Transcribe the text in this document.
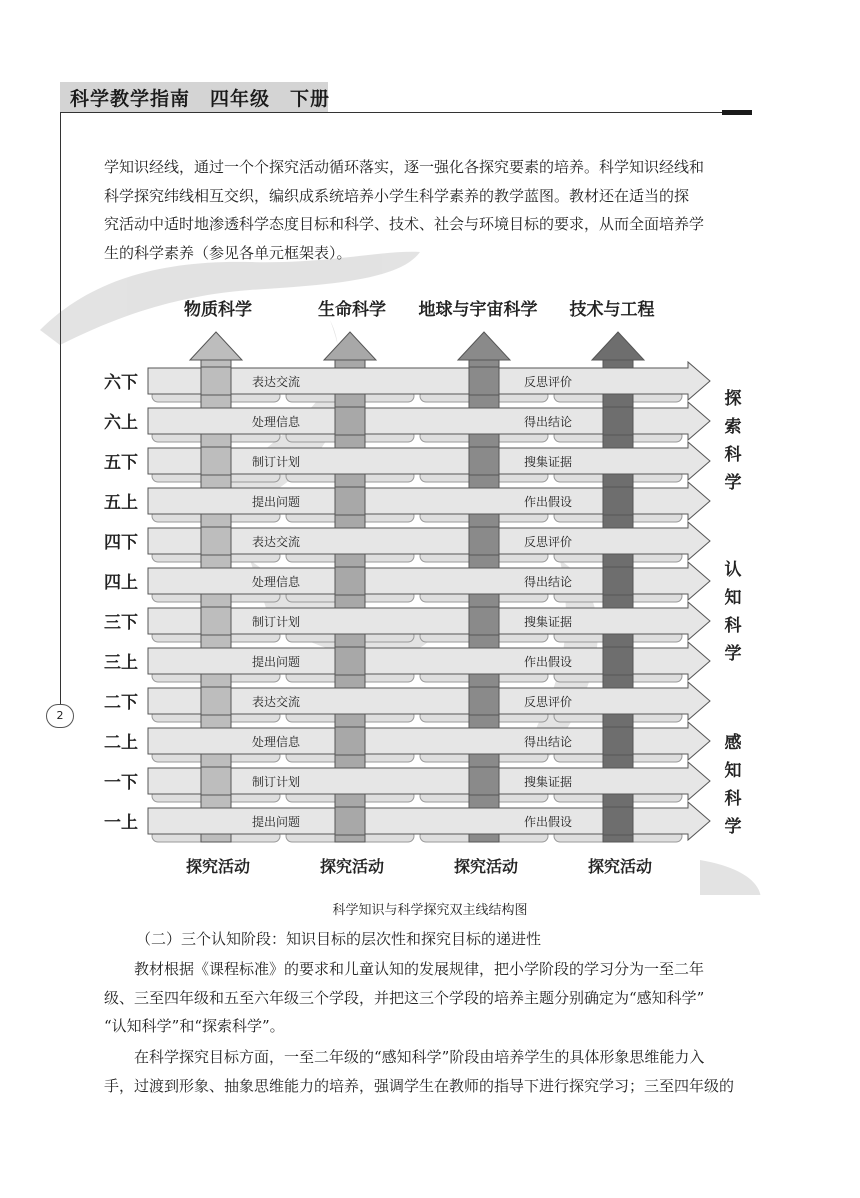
科学教学指南　四年级　下册
2

学知识经线，通过一个个探究活动循环落实，逐一强化各探究要素的培养。科学知识经线和

科学探究纬线相互交织，编织成系统培养小学生科学素养的教学蓝图。教材还在适当的探

究活动中适时地渗透科学态度目标和科学、技术、社会与环境目标的要求，从而全面培养学

生的科学素养（参见各单元框架表）。

六下	表达交流	反思评价
六上	处理信息	得出结论
五下	制订计划	搜集证据
五上	提出问题	作出假设
四下	表达交流	反思评价
四上	处理信息	得出结论
三下	制订计划	搜集证据
三上	提出问题	作出假设
二下	表达交流	反思评价
二上	处理信息	得出结论
一下	制订计划	搜集证据
一上	提出问题	作出假设
物质科学	生命科学 地球与宇宙科学 技术与工程
探究活动	探究活动	探究活动	探究活动
探
索
科
学
认
知
科
学
感
知
科
学
科学知识与科学探究双主线结构图
（二）三个认知阶段：知识目标的层次性和探究目标的递进性

　　教材根据《课程标准》的要求和儿童认知的发展规律，把小学阶段的学习分为一至二年

级、三至四年级和五至六年级三个学段，并把这三个学段的培养主题分别确定为“感知科学”

“认知科学”和“探索科学”。

　　在科学探究目标方面，一至二年级的“感知科学”阶段由培养学生的具体形象思维能力入

手，过渡到形象、抽象思维能力的培养，强调学生在教师的指导下进行探究学习；三至四年级的
